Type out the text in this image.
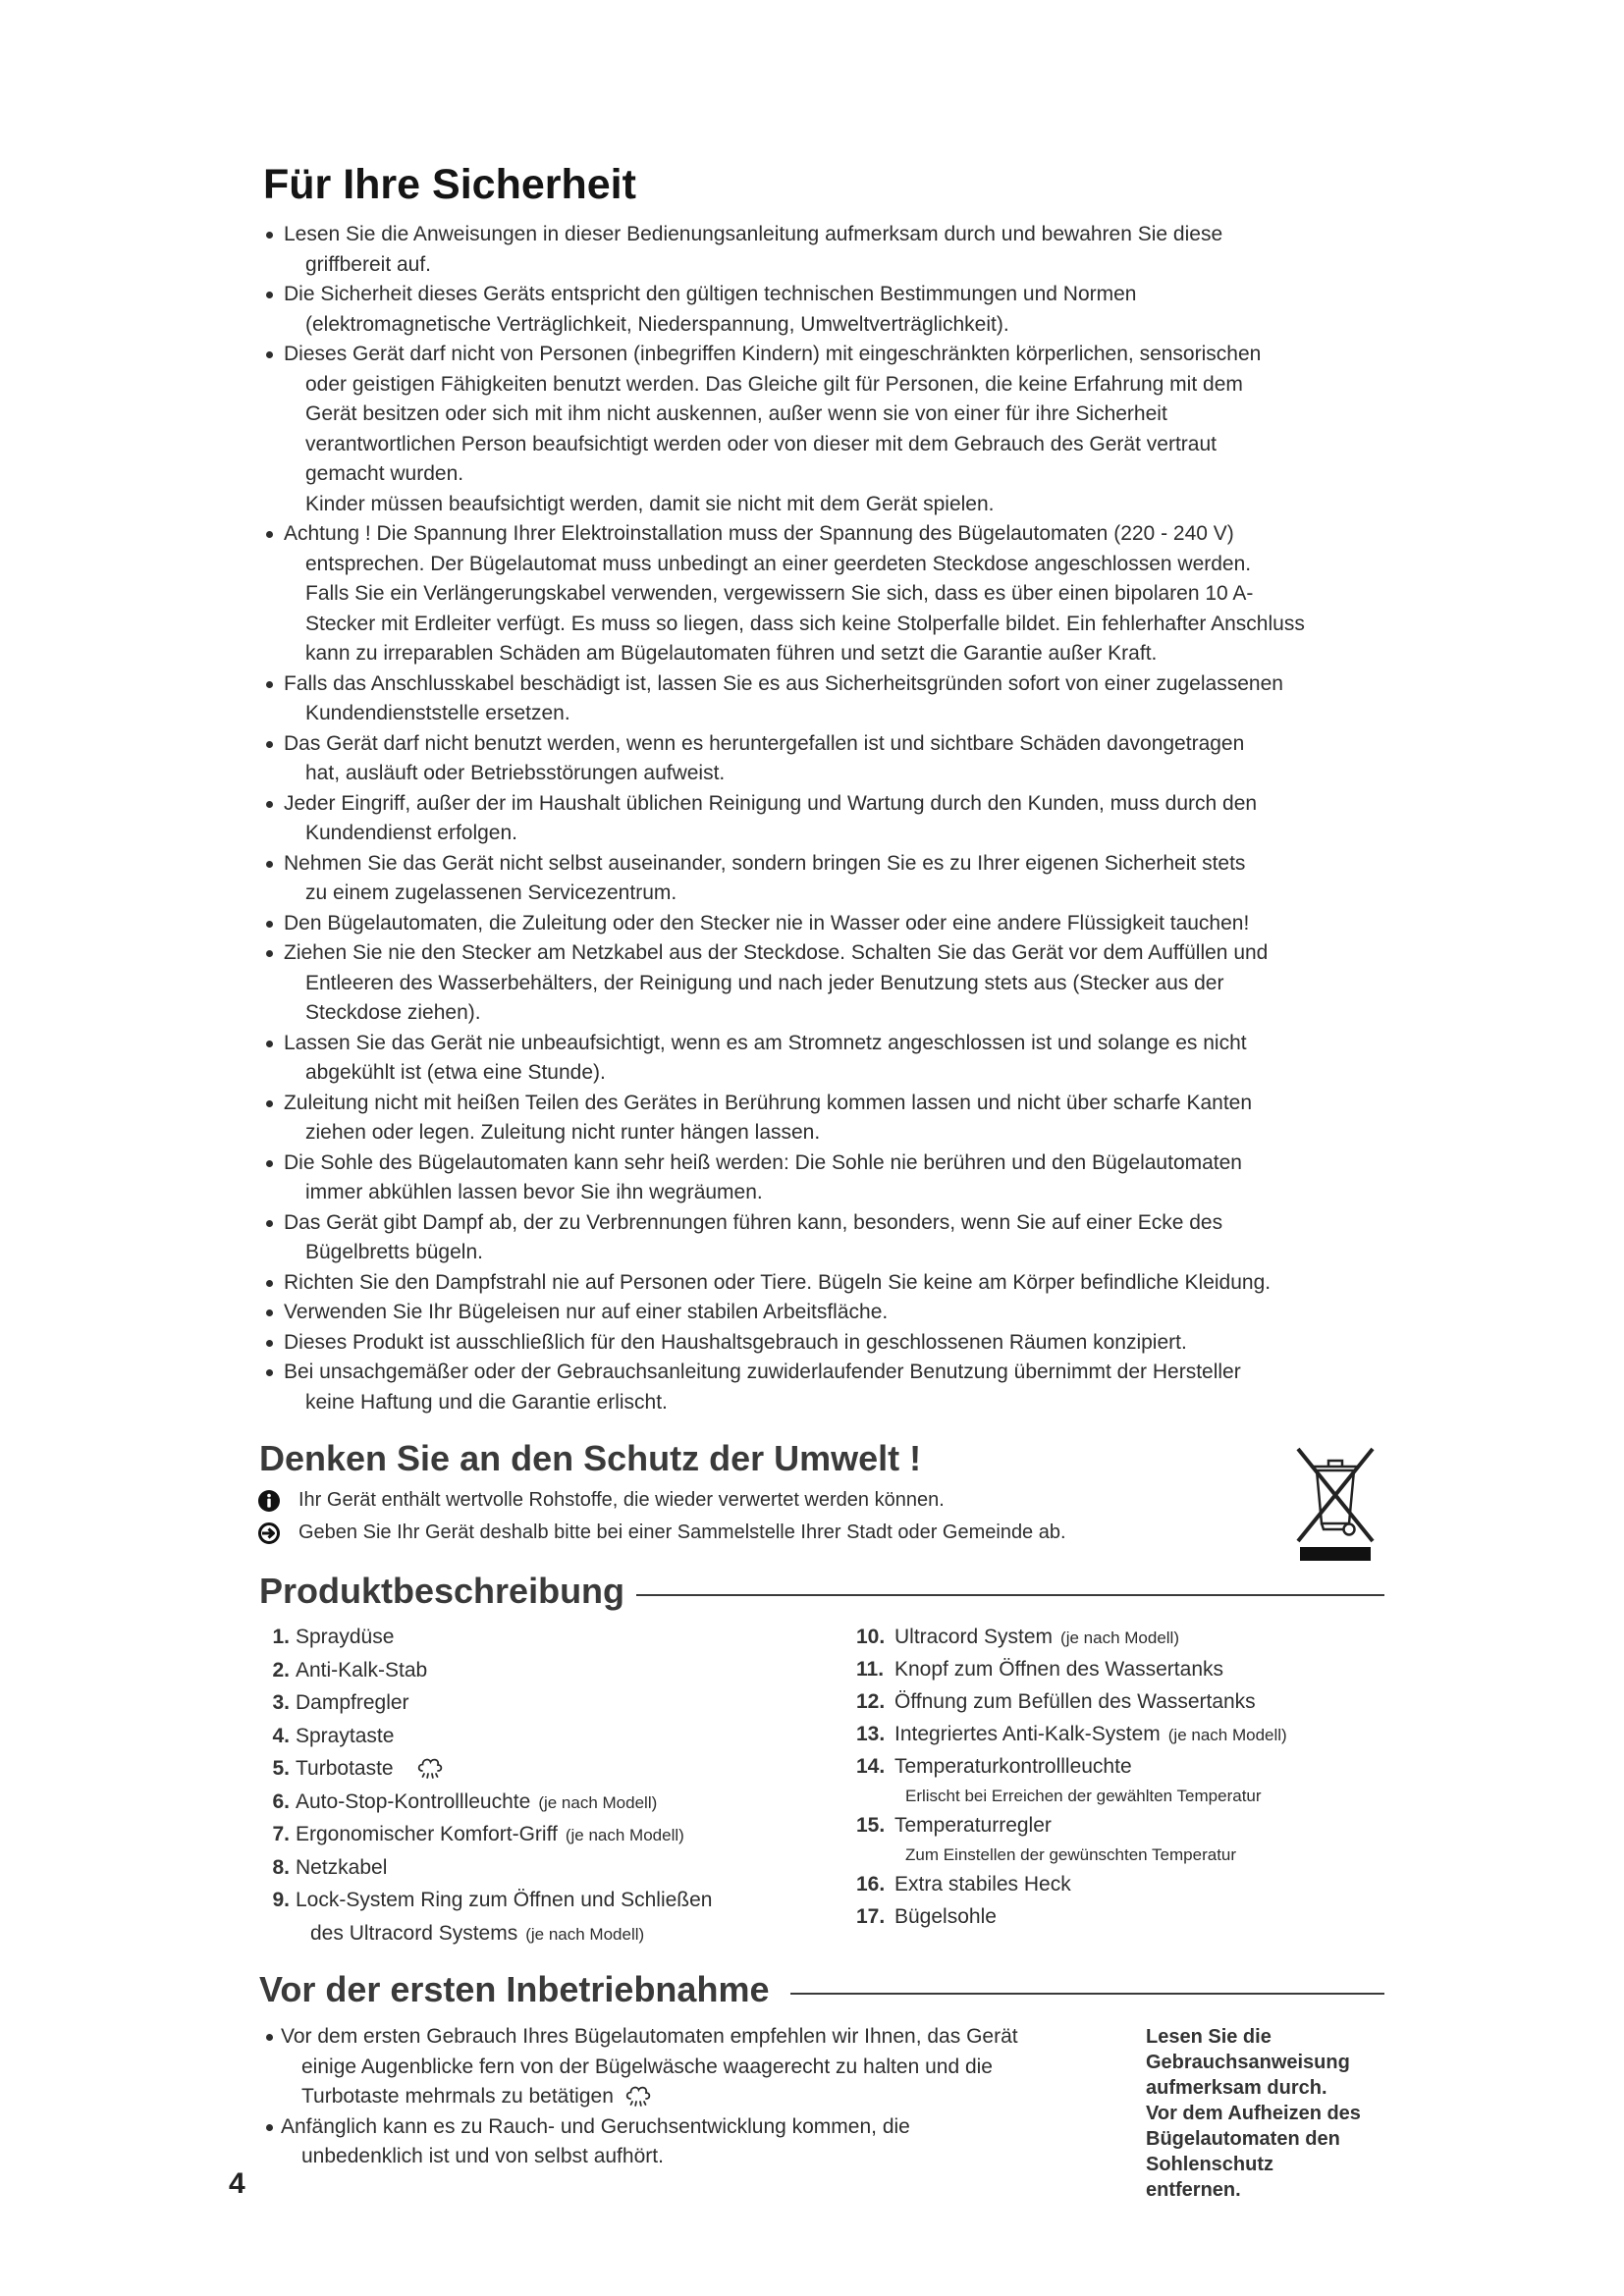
Für Ihre Sicherheit
Lesen Sie die Anweisungen in dieser Bedienungsanleitung aufmerksam durch und bewahren Sie diese
griffbereit auf.
Die Sicherheit dieses Geräts entspricht den gültigen technischen Bestimmungen und Normen
(elektromagnetische Verträglichkeit, Niederspannung, Umweltverträglichkeit).
Dieses Gerät darf nicht von Personen (inbegriffen Kindern) mit eingeschränkten körperlichen, sensorischen
oder geistigen Fähigkeiten benutzt werden. Das Gleiche gilt für Personen, die keine Erfahrung mit dem
Gerät besitzen oder sich mit ihm nicht auskennen, außer wenn sie von einer für ihre Sicherheit
verantwortlichen Person beaufsichtigt werden oder von dieser mit dem Gebrauch des Gerät vertraut
gemacht wurden.
Kinder müssen beaufsichtigt werden, damit sie nicht mit dem Gerät spielen.
Achtung ! Die Spannung Ihrer Elektroinstallation muss der Spannung des Bügelautomaten (220 - 240 V)
entsprechen. Der Bügelautomat muss unbedingt an einer geerdeten Steckdose angeschlossen werden.
Falls Sie ein Verlängerungskabel verwenden, vergewissern Sie sich, dass es über einen bipolaren 10 A-
Stecker mit Erdleiter verfügt. Es muss so liegen, dass sich keine Stolperfalle bildet. Ein fehlerhafter Anschluss
kann zu irreparablen Schäden am Bügelautomaten führen und setzt die Garantie außer Kraft.
Falls das Anschlusskabel beschädigt ist, lassen Sie es aus Sicherheitsgründen sofort von einer zugelassenen
Kundendienststelle ersetzen.
Das Gerät darf nicht benutzt werden, wenn es heruntergefallen ist und sichtbare Schäden davongetragen
hat, ausläuft oder Betriebsstörungen aufweist.
Jeder Eingriff, außer der im Haushalt üblichen Reinigung und Wartung durch den Kunden, muss durch den
Kundendienst erfolgen.
Nehmen Sie das Gerät nicht selbst auseinander, sondern bringen Sie es zu Ihrer eigenen Sicherheit stets
zu einem zugelassenen Servicezentrum.
Den Bügelautomaten, die Zuleitung oder den Stecker nie in Wasser oder eine andere Flüssigkeit tauchen!
Ziehen Sie nie den Stecker am Netzkabel aus der Steckdose. Schalten Sie das Gerät vor dem Auffüllen und
Entleeren des Wasserbehälters, der Reinigung und nach jeder Benutzung stets aus (Stecker aus der
Steckdose ziehen).
Lassen Sie das Gerät nie unbeaufsichtigt, wenn es am Stromnetz angeschlossen ist und solange es nicht
abgekühlt ist (etwa eine Stunde).
Zuleitung nicht mit heißen Teilen des Gerätes in Berührung kommen lassen und nicht über scharfe Kanten
ziehen oder legen. Zuleitung nicht runter hängen lassen.
Die Sohle des Bügelautomaten kann sehr heiß werden: Die Sohle nie berühren und den Bügelautomaten
immer abkühlen lassen bevor Sie ihn wegräumen.
Das Gerät gibt Dampf ab, der zu Verbrennungen führen kann, besonders, wenn Sie auf einer Ecke des
Bügelbretts bügeln.
Richten Sie den Dampfstrahl nie auf Personen oder Tiere. Bügeln Sie keine am Körper befindliche Kleidung.
Verwenden Sie Ihr Bügeleisen nur auf einer stabilen Arbeitsfläche.
Dieses Produkt ist ausschließlich für den Haushaltsgebrauch in geschlossenen Räumen konzipiert.
Bei unsachgemäßer oder der Gebrauchsanleitung zuwiderlaufender Benutzung übernimmt der Hersteller
keine Haftung und die Garantie erlischt.
Denken Sie an den Schutz der Umwelt !
Ihr Gerät enthält wertvolle Rohstoffe, die wieder verwertet werden können.
Geben Sie Ihr Gerät deshalb bitte bei einer Sammelstelle Ihrer Stadt oder Gemeinde ab.
Produktbeschreibung
1. Spraydüse
2. Anti-Kalk-Stab
3. Dampfregler
4. Spraytaste
5. Turbotaste
6. Auto-Stop-Kontrollleuchte (je nach Modell)
7. Ergonomischer Komfort-Griff (je nach Modell)
8. Netzkabel
9. Lock-System Ring zum Öffnen und Schließen
des Ultracord Systems (je nach Modell)
10. Ultracord System (je nach Modell)
11. Knopf zum Öffnen des Wassertanks
12. Öffnung zum Befüllen des Wassertanks
13. Integriertes Anti-Kalk-System (je nach Modell)
14. Temperaturkontrollleuchte
Erlischt bei Erreichen der gewählten Temperatur
15. Temperaturregler
Zum Einstellen der gewünschten Temperatur
16. Extra stabiles Heck
17. Bügelsohle
Vor der ersten Inbetriebnahme
Vor dem ersten Gebrauch Ihres Bügelautomaten empfehlen wir Ihnen, das Gerät
einige Augenblicke fern von der Bügelwäsche waagerecht zu halten und die
Turbotaste mehrmals zu betätigen
Anfänglich kann es zu Rauch- und Geruchsentwicklung kommen, die
unbedenklich ist und von selbst aufhört.
Lesen Sie die
Gebrauchsanweisung
aufmerksam durch.
Vor dem Aufheizen des
Bügelautomaten den
Sohlenschutz
entfernen.
4
